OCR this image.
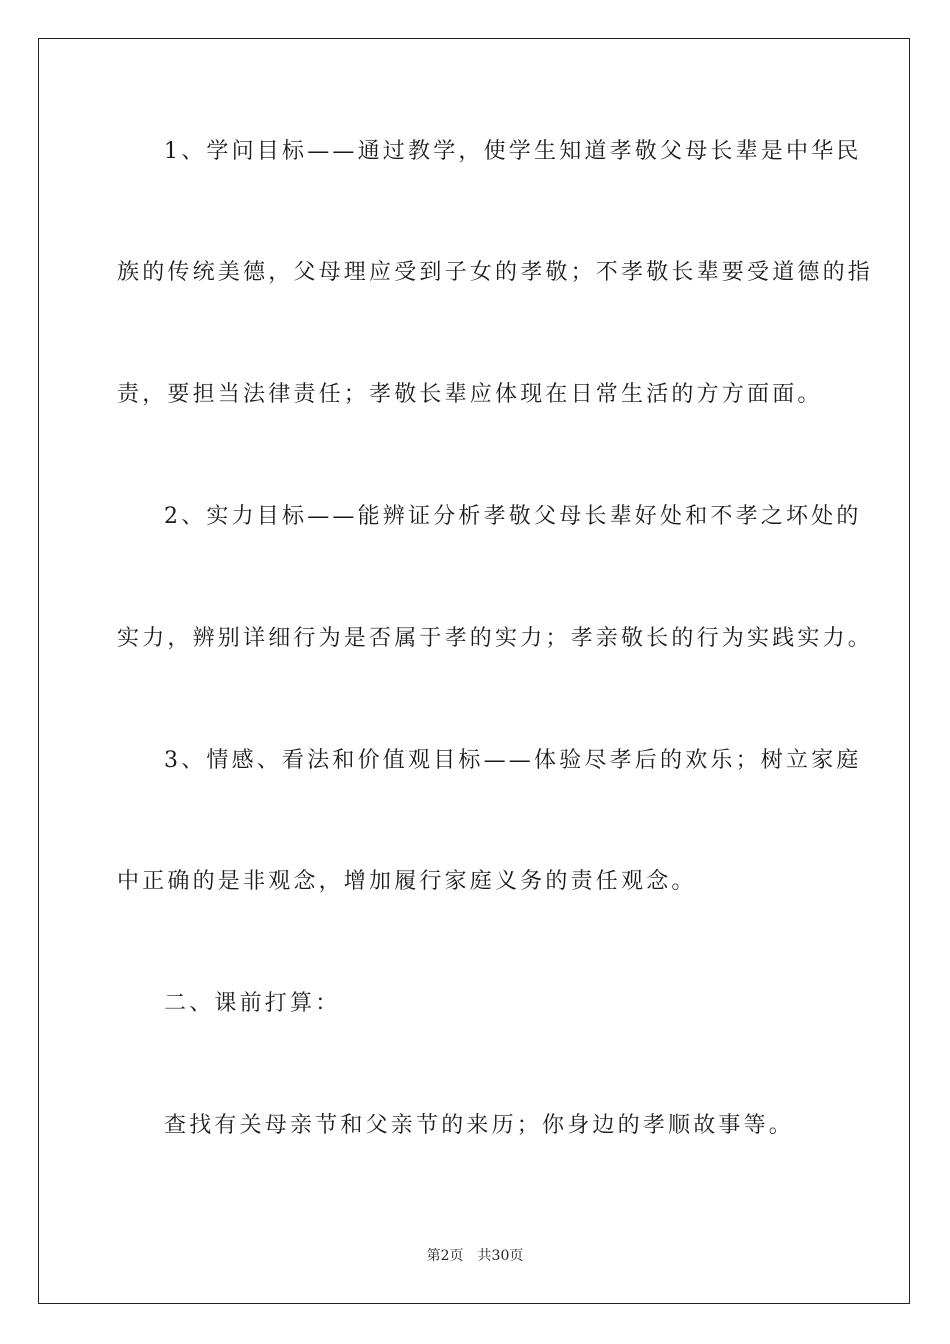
1、学问目标——通过教学，使学生知道孝敬父母长辈是中华民
族的传统美德，父母理应受到子女的孝敬；不孝敬长辈要受道德的指
责，要担当法律责任；孝敬长辈应体现在日常生活的方方面面。
2、实力目标——能辨证分析孝敬父母长辈好处和不孝之坏处的
实力，辨别详细行为是否属于孝的实力；孝亲敬长的行为实践实力。
3、情感、看法和价值观目标——体验尽孝后的欢乐；树立家庭
中正确的是非观念，增加履行家庭义务的责任观念。
二、课前打算：
查找有关母亲节和父亲节的来历；你身边的孝顺故事等。
第2页　共30页
